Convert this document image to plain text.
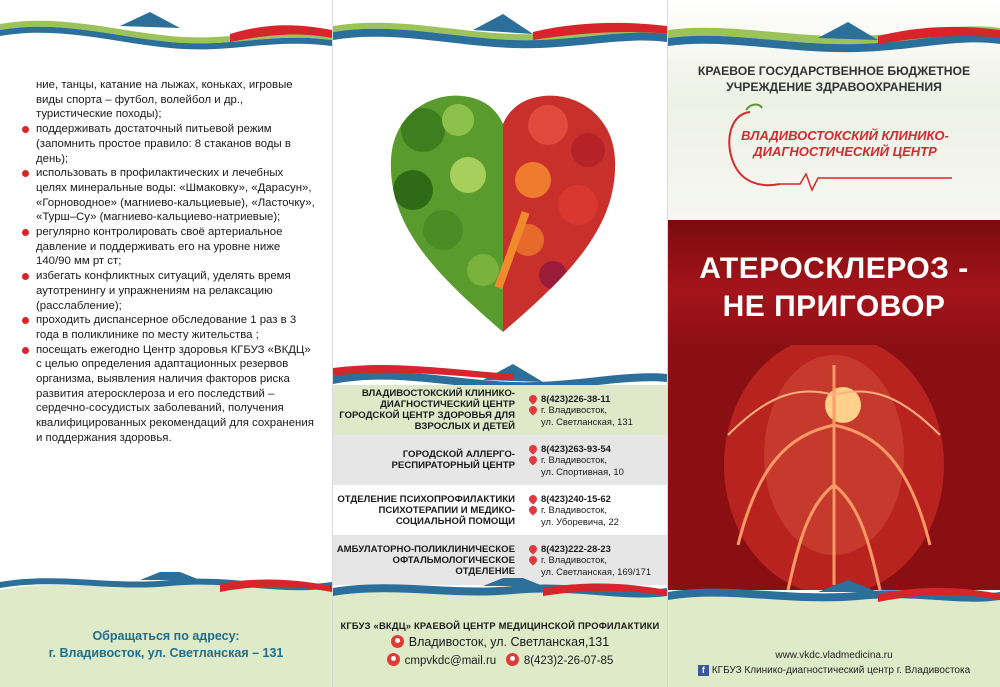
ние, танцы, катание на лыжах, коньках, игровые виды спорта – футбол, волейбол и др., туристические походы);
поддерживать достаточный питьевой режим (запомнить простое правило: 8 стаканов воды в день);
использовать в профилактических и лечебных целях минеральные воды: «Шмаковку», «Дарасун», «Горноводное» (магниево-кальциевые), «Ласточку», «Турш–Су» (магниево-кальциево-натриевые);
регулярно контролировать своё артериальное давление и поддерживать его на уровне ниже 140/90 мм рт ст;
избегать конфликтных ситуаций, уделять время аутотренингу и упражнениям на релаксацию (расслабление);
проходить диспансерное обследование 1 раз в 3 года в поликлинике по месту жительства ;
посещать ежегодно Центр здоровья КГБУЗ «ВКДЦ» с целью определения адаптационных резервов организма, выявления наличия факторов риска развития атеросклероза и его последствий – сердечно-сосудистых заболеваний, получения квалифицированных рекомендаций для сохранения и поддержания здоровья.
Обращаться по адресу:
г. Владивосток, ул. Светланская – 131
ВЛАДИВОСТОКСКИЙ КЛИНИКО-ДИАГНОСТИЧЕСКИЙ ЦЕНТР ГОРОДСКОЙ ЦЕНТР ЗДОРОВЬЯ ДЛЯ ВЗРОСЛЫХ И ДЕТЕЙ
8(423)226-38-11
г. Владивосток,
ул. Светланская, 131
ГОРОДСКОЙ АЛЛЕРГО-РЕСПИРАТОРНЫЙ ЦЕНТР
8(423)263-93-54
г. Владивосток,
ул. Спортивная, 10
ОТДЕЛЕНИЕ ПСИХОПРОФИЛАКТИКИ ПСИХОТЕРАПИИ И МЕДИКО-СОЦИАЛЬНОЙ ПОМОЩИ
8(423)240-15-62
г. Владивосток,
ул. Уборевича, 22
АМБУЛАТОРНО-ПОЛИКЛИНИЧЕСКОЕ ОФТАЛЬМОЛОГИЧЕСКОЕ ОТДЕЛЕНИЕ
8(423)222-28-23
г. Владивосток,
ул. Светланская, 169/171
КГБУЗ «ВКДЦ» КРАЕВОЙ ЦЕНТР МЕДИЦИНСКОЙ ПРОФИЛАКТИКИ
Владивосток, ул. Светланская,131
cmpvkdc@mail.ru 8(423)2-26-07-85
КРАЕВОЕ ГОСУДАРСТВЕННОЕ БЮДЖЕТНОЕ
УЧРЕЖДЕНИЕ ЗДРАВООХРАНЕНИЯ
ВЛАДИВОСТОКСКИЙ КЛИНИКО-
ДИАГНОСТИЧЕСКИЙ ЦЕНТР
АТЕРОСКЛЕРОЗ -
НЕ ПРИГОВОР
www.vkdc.vladmedicina.ru
f КГБУЗ Клинико-диагностический центр г. Владивостока
